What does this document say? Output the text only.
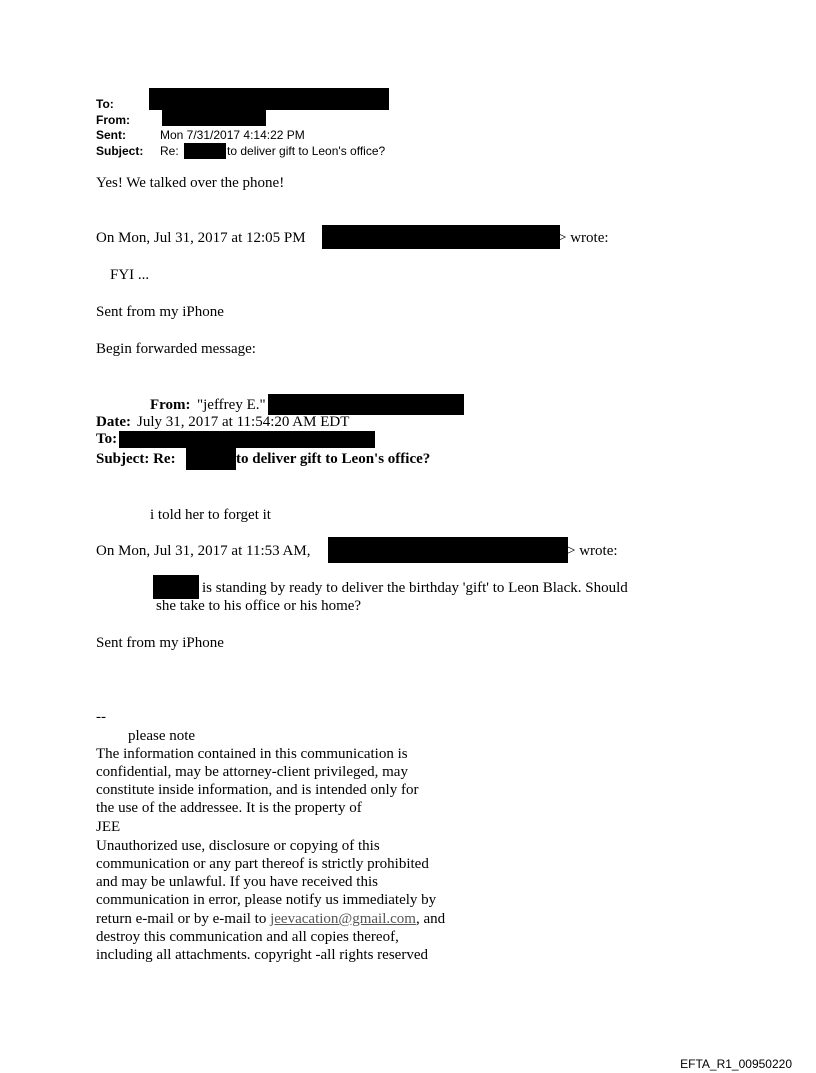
To:
From:
Sent:	Mon 7/31/2017 4:14:22 PM
Subject: Re:	to deliver gift to Leon's office?
Yes! We talked over the phone!
On Mon, Jul 31, 2017 at 12:05 PM	> wrote:
FYI ...
Sent from my iPhone
Begin forwarded message:
From: "jeffrey E."
Date: July 31, 2017 at 11:54:20 AM EDT
To:
Subject: Re:	to deliver gift to Leon's office?
i told her to forget it
On Mon, Jul 31, 2017 at 11:53 AM,	> wrote:
is standing by ready to deliver the birthday 'gift' to Leon Black. Should
she take to his office or his home?
Sent from my iPhone
--
please note
The information contained in this communication is
confidential, may be attorney-client privileged, may
constitute inside information, and is intended only for
the use of the addressee. It is the property of
JEE
Unauthorized use, disclosure or copying of this
communication or any part thereof is strictly prohibited
and may be unlawful. If you have received this
communication in error, please notify us immediately by
return e-mail or by e-mail to jeevacation@gmail.com, and
destroy this communication and all copies thereof,
including all attachments. copyright -all rights reserved
EFTA_R1_00950220
